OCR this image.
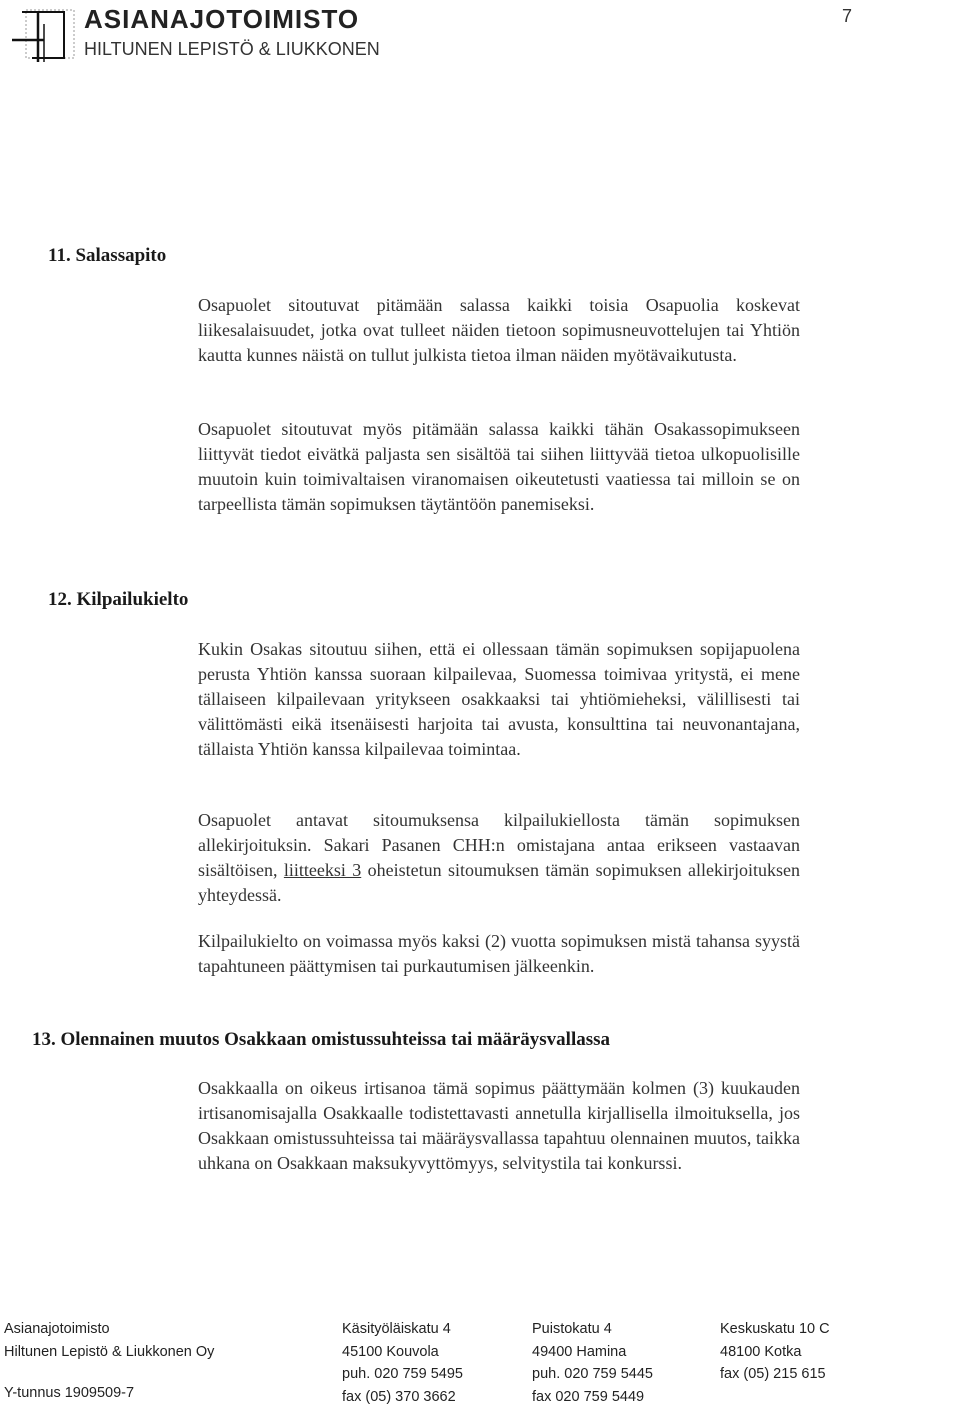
ASIANAJOTOIMISTO
HILTUNEN LEPISTÖ & LIUKKONEN
7
11. Salassapito

Osapuolet sitoutuvat pitämään salassa kaikki toisia Osapuolia koskevat liikesalaisuudet, jotka ovat tulleet näiden tietoon sopimusneuvottelujen tai Yhtiön kautta kunnes näistä on tullut julkista tietoa ilman näiden myötävaikutusta.

Osapuolet sitoutuvat myös pitämään salassa kaikki tähän Osakassopimukseen liittyvät tiedot eivätkä paljasta sen sisältöä tai siihen liittyvää tietoa ulkopuolisille muutoin kuin toimivaltaisen viranomaisen oikeutetusti vaatiessa tai milloin se on tarpeellista tämän sopimuksen täytäntöön panemiseksi.

12. Kilpailukielto

Kukin Osakas sitoutuu siihen, että ei ollessaan tämän sopimuksen sopijapuolena perusta Yhtiön kanssa suoraan kilpailevaa, Suomessa toimivaa yritystä, ei mene tällaiseen kilpailevaan yritykseen osakkaaksi tai yhtiömieheksi, välillisesti tai välittömästi eikä itsenäisesti harjoita tai avusta, konsulttina tai neuvonantajana, tällaista Yhtiön kanssa kilpailevaa toimintaa.

Osapuolet antavat sitoumuksensa kilpailukiellosta tämän sopimuksen allekirjoituksin. Sakari Pasanen CHH:n omistajana antaa erikseen vastaavan sisältöisen, liitteeksi 3 oheistetun sitoumuksen tämän sopimuksen allekirjoituksen yhteydessä.

Kilpailukielto on voimassa myös kaksi (2) vuotta sopimuksen mistä tahansa syystä tapahtuneen päättymisen tai purkautumisen jälkeenkin.

13. Olennainen muutos Osakkaan omistussuhteissa tai määräysvallassa

Osakkaalla on oikeus irtisanoa tämä sopimus päättymään kolmen (3) kuukauden irtisanomisajalla Osakkaalle todistettavasti annetulla kirjallisella ilmoituksella, jos Osakkaan omistussuhteissa tai määräysvallassa tapahtuu olennainen muutos, taikka uhkana on Osakkaan maksukyvyttömyys, selvitystila tai konkurssi.

Asianajotoimisto
Hiltunen Lepistö & Liukkonen Oy
Y-tunnus 1909509-7
Käsityöläiskatu 4
45100 Kouvola
puh. 020 759 5495
fax (05) 370 3662
Puistokatu 4
49400 Hamina
puh. 020 759 5445
fax 020 759 5449
Keskuskatu 10 C
48100 Kotka
fax (05) 215 615
